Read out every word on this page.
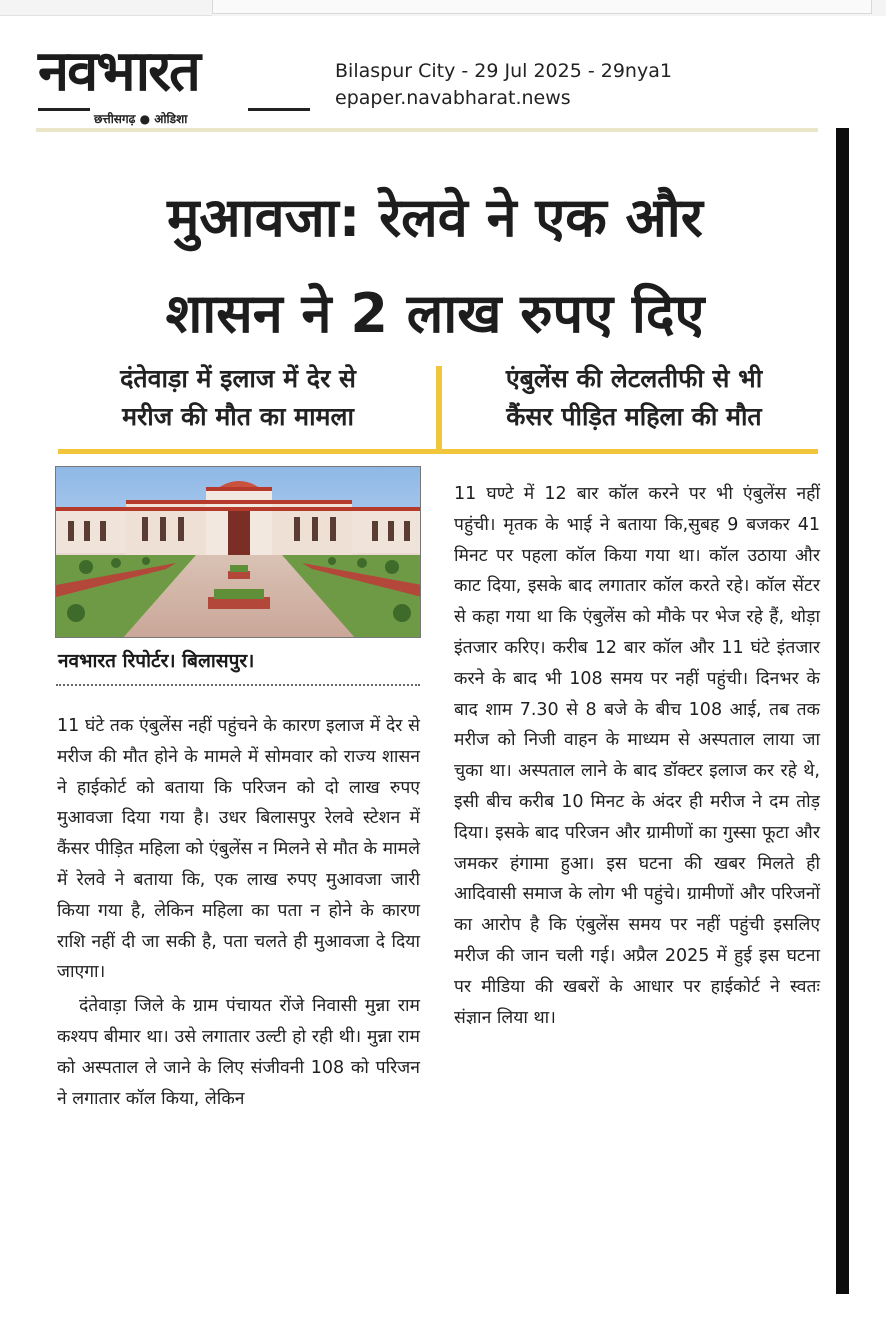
नवभारत
छत्तीसगढ़ ● ओडिशा
Bilaspur City - 29 Jul 2025 - 29nya1
epaper.navabharat.news
मुआवजा: रेलवे ने एक और
शासन ने 2 लाख रुपए दिए
दंतेवाड़ा में इलाज में देर से
मरीज की मौत का मामला
एंबुलेंस की लेटलतीफी से भी
कैंसर पीड़ित महिला की मौत
नवभारत रिपोर्टर। बिलासपुर।

11 घंटे तक एंबुलेंस नहीं पहुंचने के कारण इलाज में देर से मरीज की मौत होने के मामले में सोमवार को राज्य शासन ने हाईकोर्ट को बताया कि परिजन को दो लाख रुपए मुआवजा दिया गया है। उधर बिलासपुर रेलवे स्टेशन में कैंसर पीड़ित महिला को एंबुलेंस न मिलने से मौत के मामले में रेलवे ने बताया कि, एक लाख रुपए मुआवजा जारी किया गया है, लेकिन महिला का पता न होने के कारण राशि नहीं दी जा सकी है, पता चलते ही मुआवजा दे दिया जाएगा।

दंतेवाड़ा जिले के ग्राम पंचायत रोंजे निवासी मुन्ना राम कश्यप बीमार था। उसे लगातार उल्टी हो रही थी। मुन्ना राम को अस्पताल ले जाने के लिए संजीवनी 108 को परिजन ने लगातार कॉल किया, लेकिन

11 घण्टे में 12 बार कॉल करने पर भी एंबुलेंस नहीं पहुंची। मृतक के भाई ने बताया कि,सुबह 9 बजकर 41 मिनट पर पहला कॉल किया गया था। कॉल उठाया और काट दिया, इसके बाद लगातार कॉल करते रहे। कॉल सेंटर से कहा गया था कि एंबुलेंस को मौके पर भेज रहे हैं, थोड़ा इंतजार करिए। करीब 12 बार कॉल और 11 घंटे इंतजार करने के बाद भी 108 समय पर नहीं पहुंची। दिनभर के बाद शाम 7.30 से 8 बजे के बीच 108 आई, तब तक मरीज को निजी वाहन के माध्यम से अस्पताल लाया जा चुका था। अस्पताल लाने के बाद डॉक्टर इलाज कर रहे थे, इसी बीच करीब 10 मिनट के अंदर ही मरीज ने दम तोड़ दिया। इसके बाद परिजन और ग्रामीणों का गुस्सा फूटा और जमकर हंगामा हुआ। इस घटना की खबर मिलते ही आदिवासी समाज के लोग भी पहुंचे। ग्रामीणों और परिजनों का आरोप है कि एंबुलेंस समय पर नहीं पहुंची इसलिए मरीज की जान चली गई। अप्रैल 2025 में हुई इस घटना पर मीडिया की खबरों के आधार पर हाईकोर्ट ने स्वतः संज्ञान लिया था।
